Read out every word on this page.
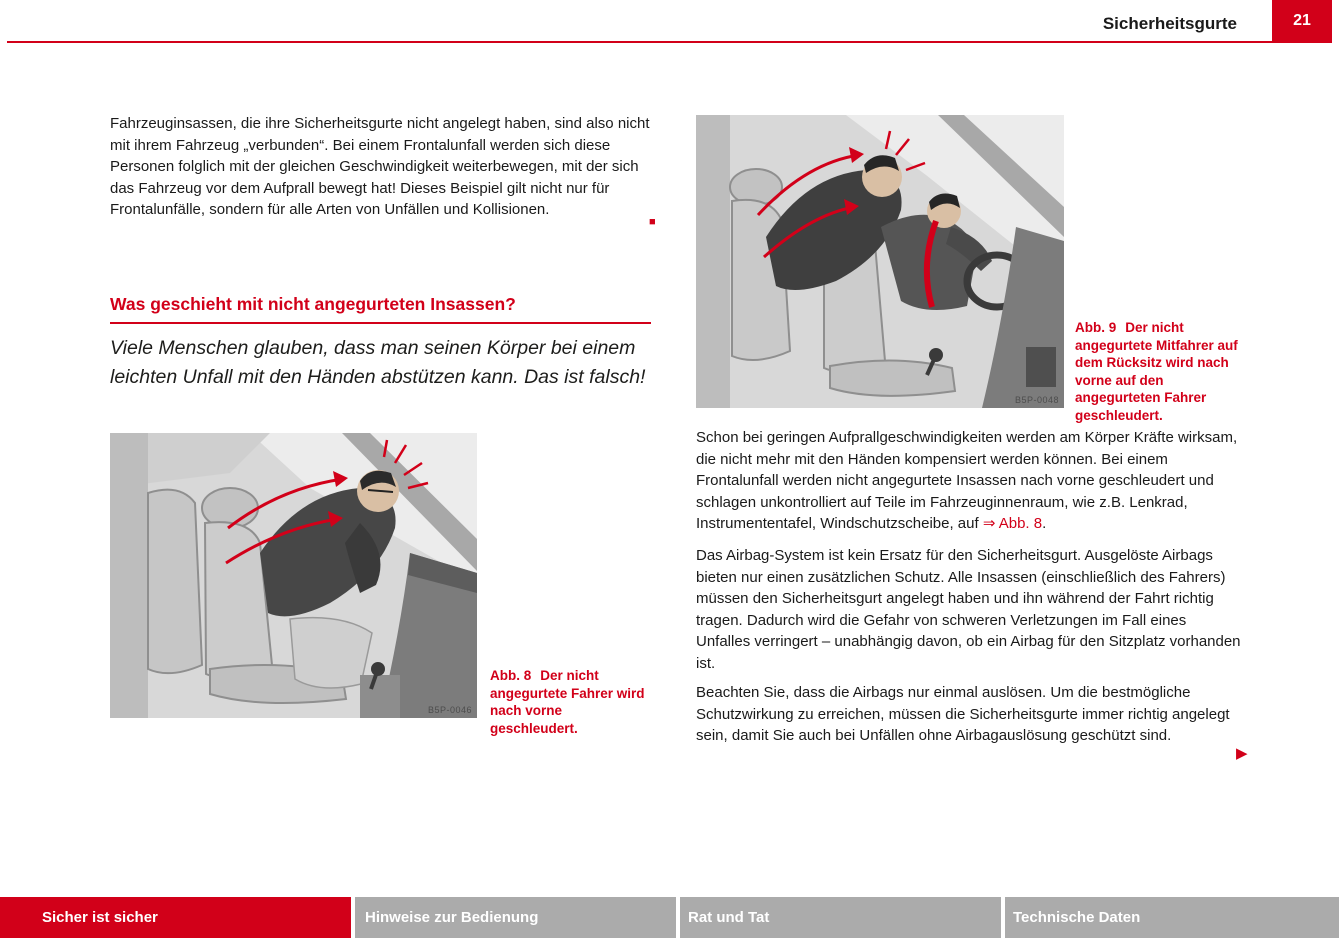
Sicherheitsgurte	21

Fahrzeuginsassen, die ihre Sicherheitsgurte nicht angelegt haben, sind also nicht mit ihrem Fahrzeug „verbunden“. Bei einem Frontalunfall werden sich diese Personen folglich mit der gleichen Geschwindigkeit weiterbewegen, mit der sich das Fahrzeug vor dem Aufprall bewegt hat! Dieses Beispiel gilt nicht nur für Frontalunfälle, sondern für alle Arten von Unfällen und Kollisionen.

■
Was geschieht mit nicht angegurteten Insassen?

Viele Menschen glauben, dass man seinen Körper bei einem leichten Unfall mit den Händen abstützen kann. Das ist falsch!

B5P-0046
Abb. 8 Der nicht angegurtete Fahrer wird nach vorne geschleudert.
B5P-0048
Abb. 9 Der nicht angegurtete Mitfahrer auf dem Rücksitz wird nach vorne auf den angegurteten Fahrer geschleudert.

Schon bei geringen Aufprallgeschwindigkeiten werden am Körper Kräfte wirksam, die nicht mehr mit den Händen kompensiert werden können. Bei einem Frontalunfall werden nicht angegurtete Insassen nach vorne geschleudert und schlagen unkontrolliert auf Teile im Fahrzeuginnenraum, wie z.B. Lenkrad, Instrumententafel, Windschutzscheibe, auf ⇒ Abb. 8.

Das Airbag-System ist kein Ersatz für den Sicherheitsgurt. Ausgelöste Airbags bieten nur einen zusätzlichen Schutz. Alle Insassen (einschließlich des Fahrers) müssen den Sicherheitsgurt angelegt haben und ihn während der Fahrt richtig tragen. Dadurch wird die Gefahr von schweren Verletzungen im Fall eines Unfalles verringert – unabhängig davon, ob ein Airbag für den Sitzplatz vorhanden ist.

Beachten Sie, dass die Airbags nur einmal auslösen. Um die bestmögliche Schutzwirkung zu erreichen, müssen die Sicherheitsgurte immer richtig angelegt sein, damit Sie auch bei Unfällen ohne Airbagauslösung geschützt sind.

▶
Sicher ist sicher	Hinweise zur Bedienung	Rat und Tat	Technische Daten
